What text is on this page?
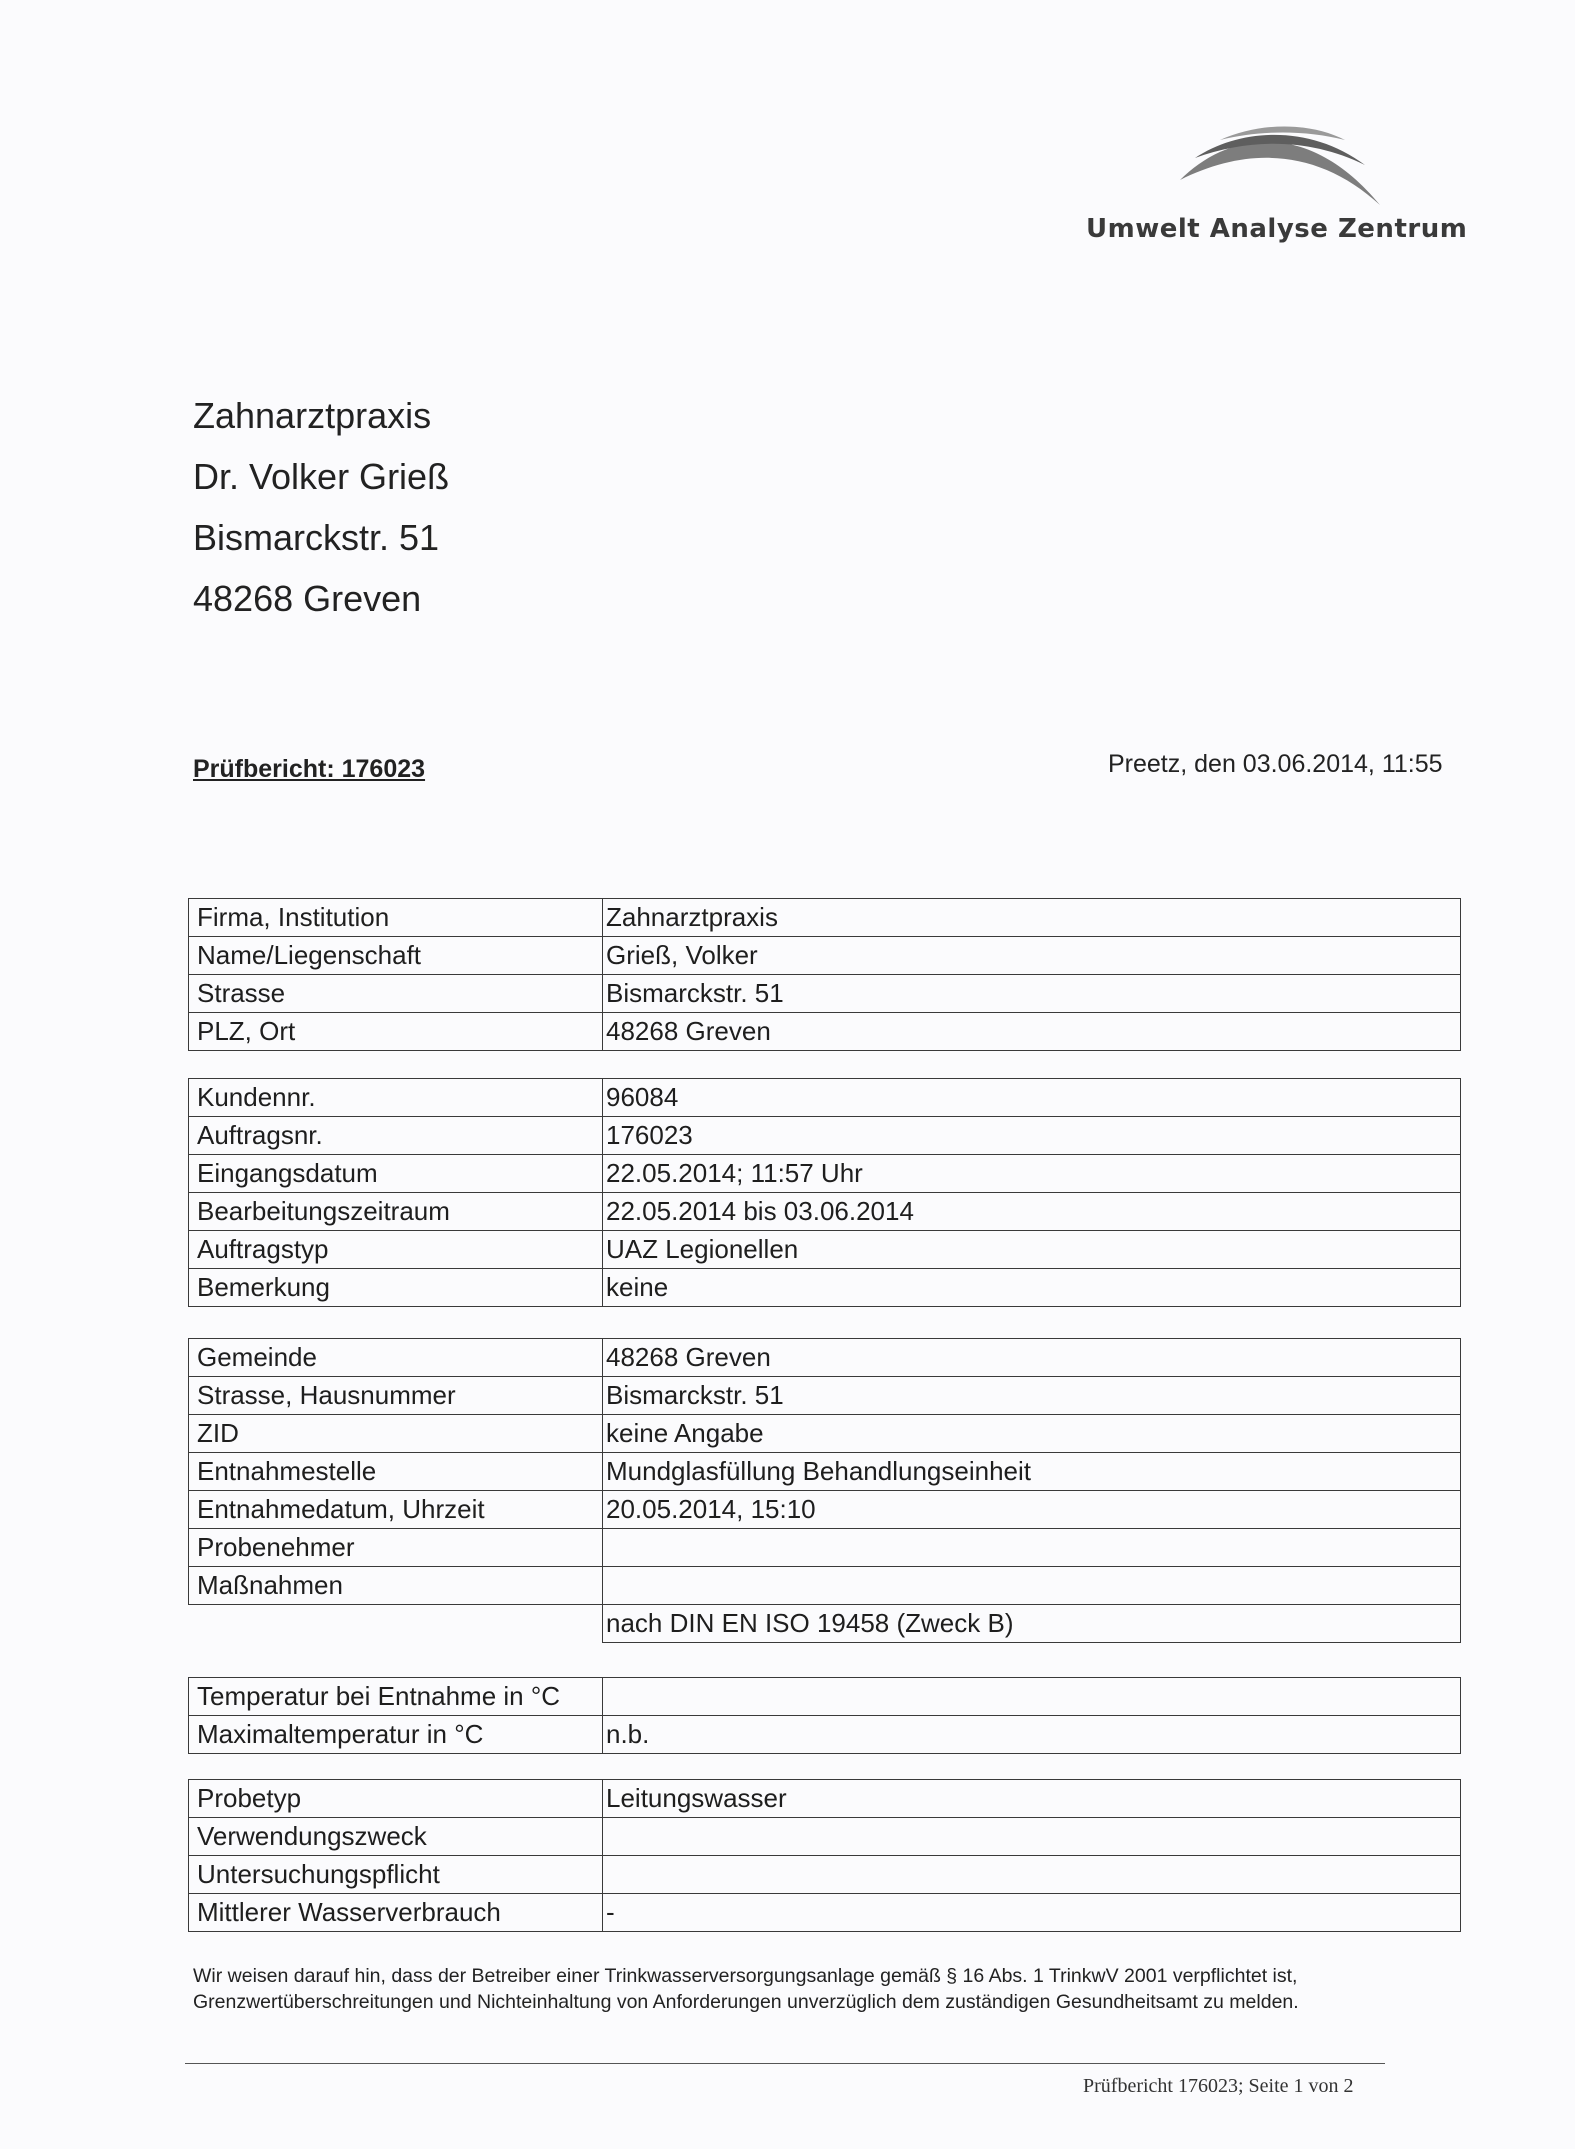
Umwelt Analyse Zentrum
Zahnarztpraxis
Dr. Volker Grieß
Bismarckstr. 51
48268 Greven
Prüfbericht: 176023	Preetz, den 03.06.2014, 11:55
Firma, Institution	Zahnarztpraxis
Name/Liegenschaft	Grieß, Volker
Strasse	Bismarckstr. 51
PLZ, Ort	48268 Greven
Kundennr.	96084
Auftragsnr.	176023
Eingangsdatum	22.05.2014; 11:57 Uhr
Bearbeitungszeitraum	22.05.2014 bis 03.06.2014
Auftragstyp	UAZ Legionellen
Bemerkung	keine
Gemeinde	48268 Greven
Strasse, Hausnummer	Bismarckstr. 51
ZID	keine Angabe
Entnahmestelle	Mundglasfüllung Behandlungseinheit
Entnahmedatum, Uhrzeit	20.05.2014, 15:10
Probenehmer	
Maßnahmen	
	nach DIN EN ISO 19458 (Zweck B)
Temperatur bei Entnahme in °C	
Maximaltemperatur in °C	n.b.
Probetyp	Leitungswasser
Verwendungszweck	
Untersuchungspflicht	
Mittlerer Wasserverbrauch	-
Wir weisen darauf hin, dass der Betreiber einer Trinkwasserversorgungsanlage gemäß § 16 Abs. 1 TrinkwV 2001 verpflichtet ist, Grenzwertüberschreitungen und Nichteinhaltung von Anforderungen unverzüglich dem zuständigen Gesundheitsamt zu melden.
Prüfbericht 176023; Seite 1 von 2
